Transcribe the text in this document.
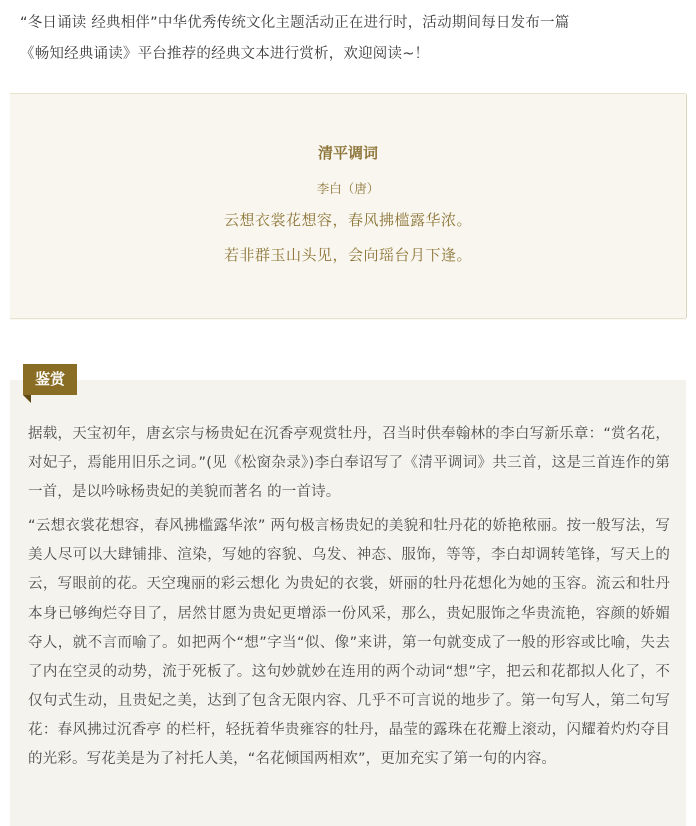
“冬日诵读 经典相伴”中华优秀传统文化主题活动正在进行时，活动期间每日发布一篇

《畅知经典诵读》平台推荐的经典文本进行赏析，欢迎阅读~！

清平调词
李白（唐）
云想衣裳花想容，春风拂槛露华浓。
若非群玉山头见，会向瑶台月下逢。
鉴赏

据载，天宝初年，唐玄宗与杨贵妃在沉香亭观赏牡丹，召当时供奉翰林的李白写新乐章：“赏名花，对妃子，焉能用旧乐之词。”(见《松窗杂录》)李白奉诏写了《清平调词》共三首，这是三首连作的第一首，是以吟咏杨贵妃的美貌而著名 的一首诗。

“云想衣裳花想容，春风拂槛露华浓” 两句极言杨贵妃的美貌和牡丹花的娇艳秾丽。按一般写法，写美人尽可以大肆铺排、渲染，写她的容貌、乌发、神态、服饰，等等，李白却调转笔锋，写天上的云，写眼前的花。天空瑰丽的彩云想化 为贵妃的衣裳，妍丽的牡丹花想化为她的玉容。流云和牡丹本身已够绚烂夺目了，居然甘愿为贵妃更增添一份风采，那么，贵妃服饰之华贵流艳，容颜的娇媚夺人，就不言而喻了。如把两个“想”字当“似、像”来讲，第一句就变成了一般的形容或比喻，失去了内在空灵的动势，流于死板了。这句妙就妙在连用的两个动词“想”字，把云和花都拟人化了，不仅句式生动，且贵妃之美，达到了包含无限内容、几乎不可言说的地步了。第一句写人，第二句写花：春风拂过沉香亭 的栏杆，轻抚着华贵雍容的牡丹，晶莹的露珠在花瓣上滚动，闪耀着灼灼夺目的光彩。写花美是为了衬托人美，“名花倾国两相欢”，更加充实了第一句的内容。
